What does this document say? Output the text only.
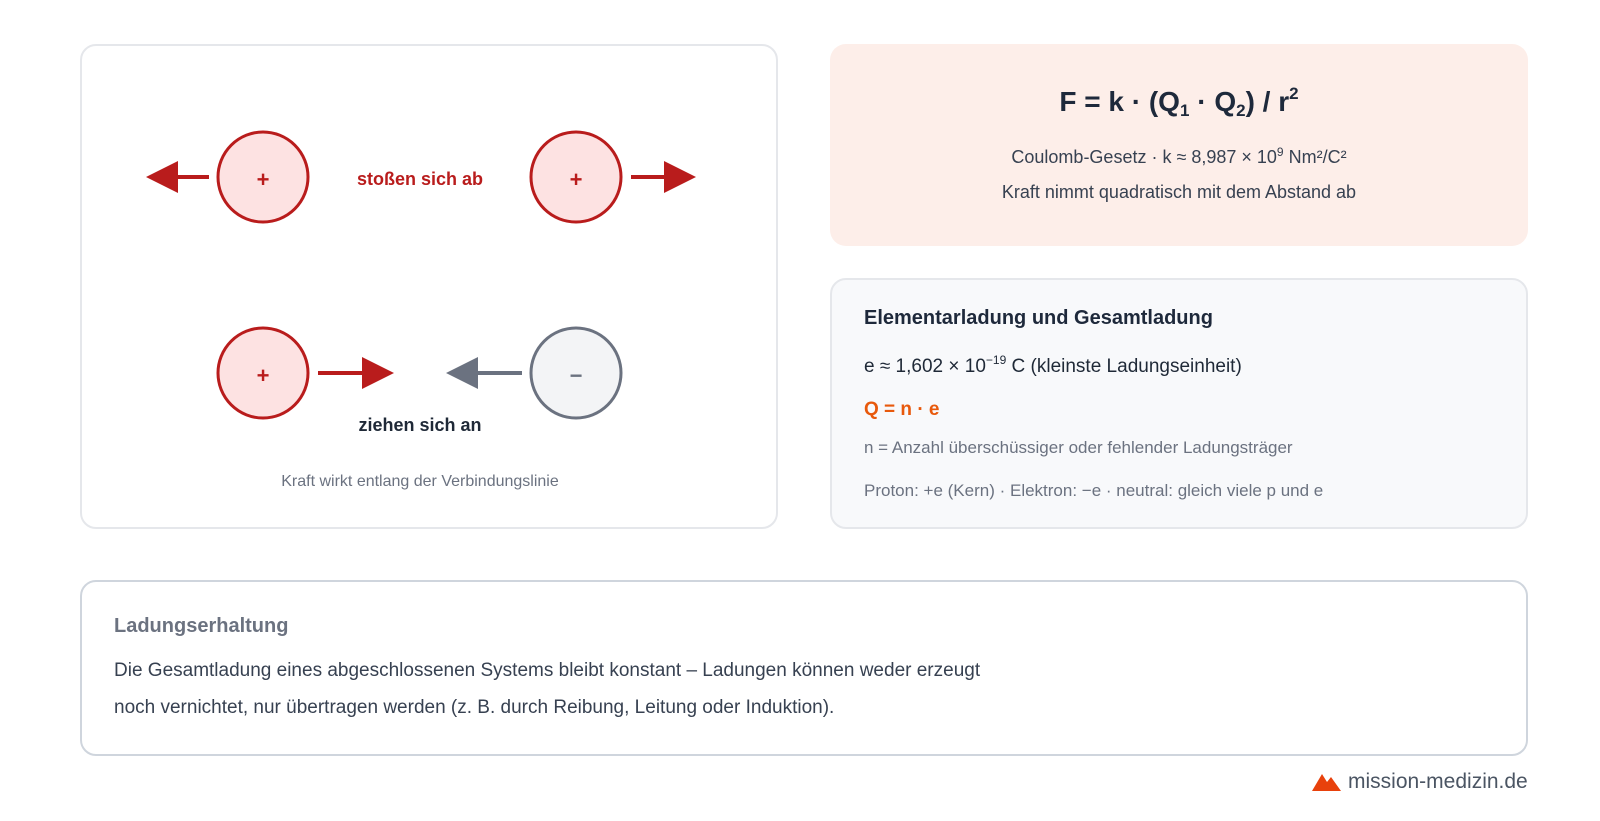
+	stoßen sich ab	+
+	−
ziehen sich an
Kraft wirkt entlang der Verbindungslinie
$F = k \cdot (Q_1 \cdot Q_2) / r^2$
Coulomb-Gesetz · $k \approx 8,987 \times 10^9$ Nm²/C²
Kraft nimmt quadratisch mit dem Abstand ab
Elementarladung und Gesamtladung
$e \approx 1,602 \times 10^{-19}$ C (kleinste Ladungseinheit)
Q = n · e
n = Anzahl überschüssiger oder fehlender Ladungsträger
Proton: +e (Kern) · Elektron: −e · neutral: gleich viele p und e
Ladungserhaltung
Die Gesamtladung eines abgeschlossenen Systems bleibt konstant – Ladungen können weder erzeugt
noch vernichtet, nur übertragen werden (z. B. durch Reibung, Leitung oder Induktion).
mission-medizin.de
